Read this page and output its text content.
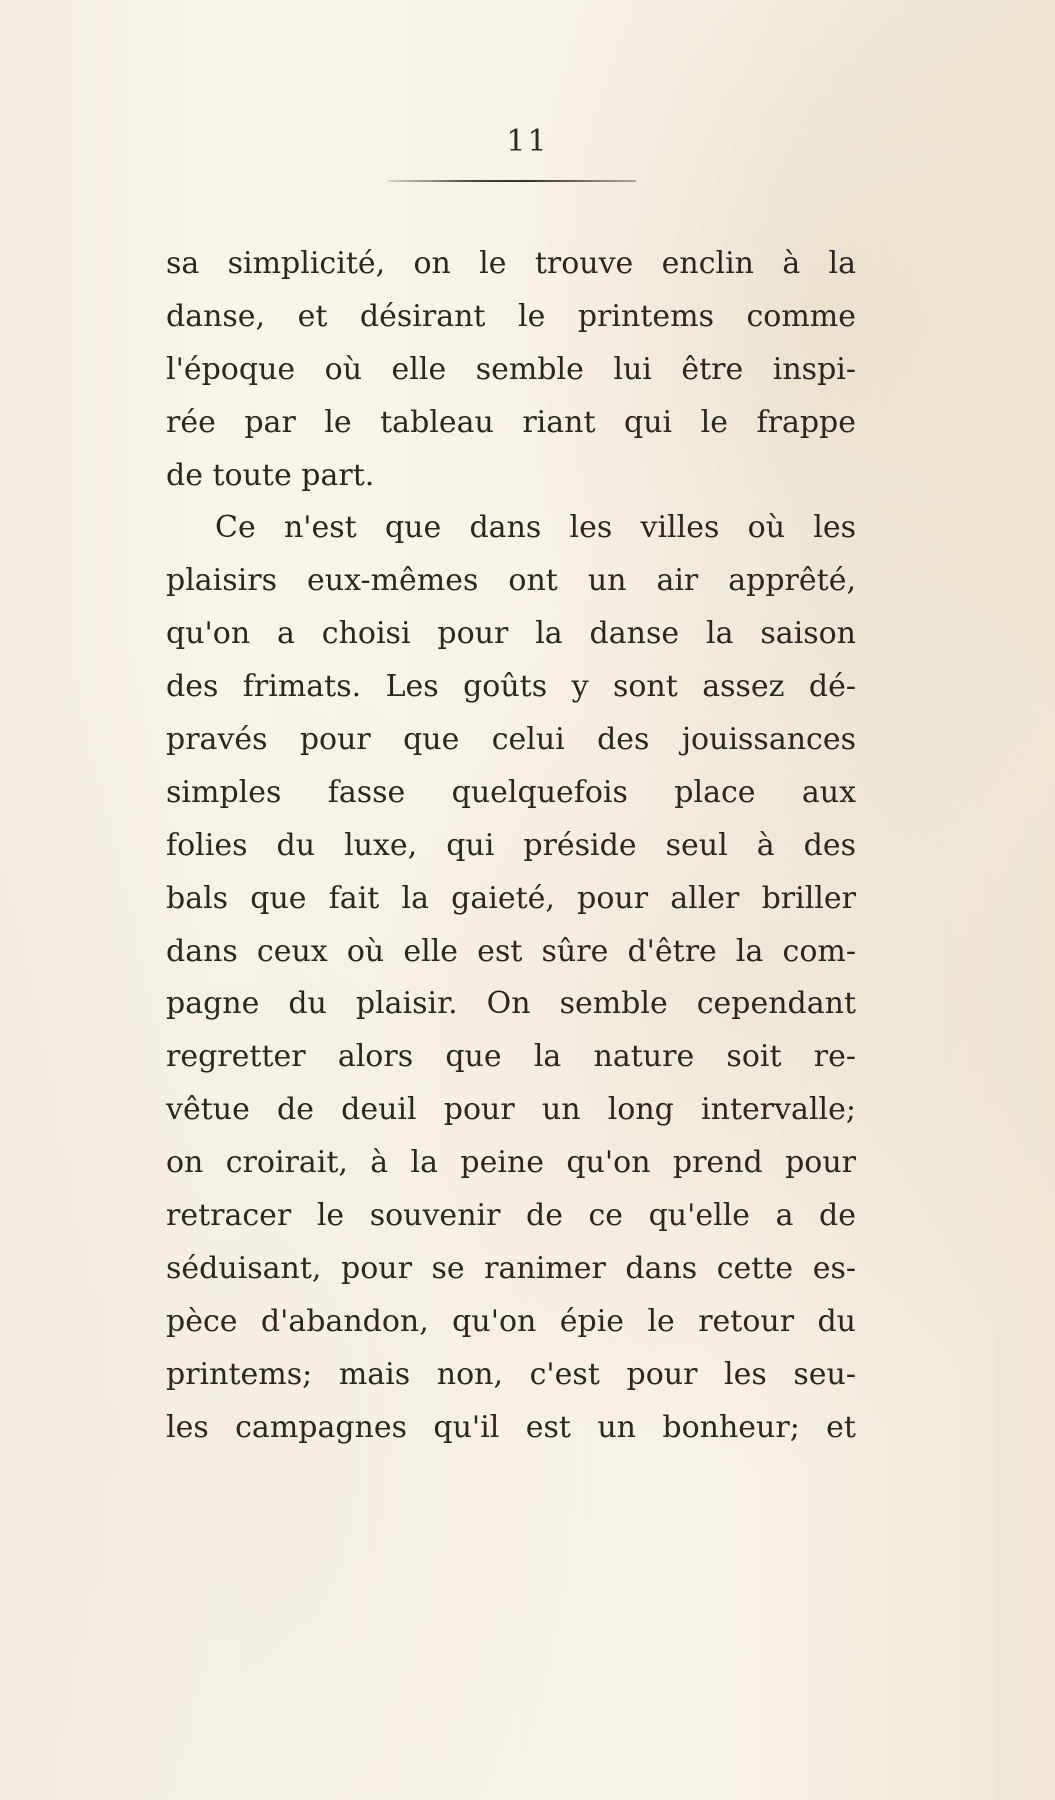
11
sa simplicité, on le trouve enclin à la
danse, et désirant le printems comme
l'époque où elle semble lui être inspi-
rée par le tableau riant qui le frappe
de toute part.
Ce n'est que dans les villes où les
plaisirs eux-mêmes ont un air apprêté,
qu'on a choisi pour la danse la saison
des frimats. Les goûts y sont assez dé-
pravés pour que celui des jouissances
simples fasse quelquefois place aux
folies du luxe, qui préside seul à des
bals que fait la gaieté, pour aller briller
dans ceux où elle est sûre d'être la com-
pagne du plaisir. On semble cependant
regretter alors que la nature soit re-
vêtue de deuil pour un long intervalle;
on croirait, à la peine qu'on prend pour
retracer le souvenir de ce qu'elle a de
séduisant, pour se ranimer dans cette es-
pèce d'abandon, qu'on épie le retour du
printems; mais non, c'est pour les seu-
les campagnes qu'il est un bonheur; et
